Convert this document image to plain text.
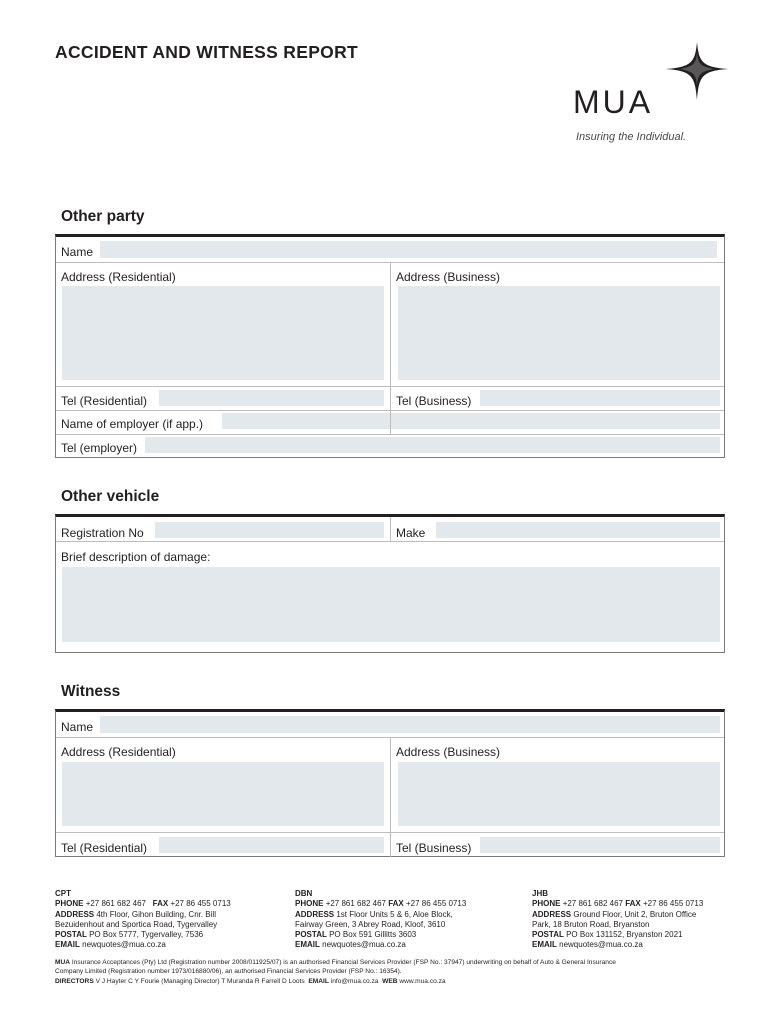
ACCIDENT AND WITNESS REPORT
MUA
Insuring the Individual.
Other party
Name
Address (Residential)	Address (Business)
Tel (Residential)	Tel (Business)
Name of employer (if app.)
Tel (employer)
Other vehicle
Registration No	Make
Brief description of damage:
Witness
Name
Address (Residential)	Address (Business)
Tel (Residential)	Tel (Business)
CPT
PHONE +27 861 682 467 FAX +27 86 455 0713
ADDRESS 4th Floor, Gihon Building, Cnr. Bill
Bezuidenhout and Sportica Road, Tygervalley
POSTAL PO Box 5777, Tygervalley, 7536
EMAIL newquotes@mua.co.za
DBN
PHONE +27 861 682 467 FAX +27 86 455 0713
ADDRESS 1st Floor Units 5 & 6, Aloe Block,
Fairway Green, 3 Abrey Road, Kloof, 3610
POSTAL PO Box 591 Gillitts 3603
EMAIL newquotes@mua.co.za
JHB
PHONE +27 861 682 467 FAX +27 86 455 0713
ADDRESS Ground Floor, Unit 2, Bruton Office
Park, 18 Bruton Road, Bryanston
POSTAL PO Box 131152, Bryanston 2021
EMAIL newquotes@mua.co.za
MUA Insurance Acceptances (Pty) Ltd (Registration number 2008/011925/07) is an authorised Financial Services Provider (FSP No.: 37947) underwriting on behalf of Auto & General Insurance
Company Limited (Registration number 1973/016880/06), an authorised Financial Services Provider (FSP No.: 16354).
DIRECTORS V J Hayter C Y Fourie (Managing Director) T Muranda R Farrell D Loots EMAIL info@mua.co.za WEB www.mua.co.za
